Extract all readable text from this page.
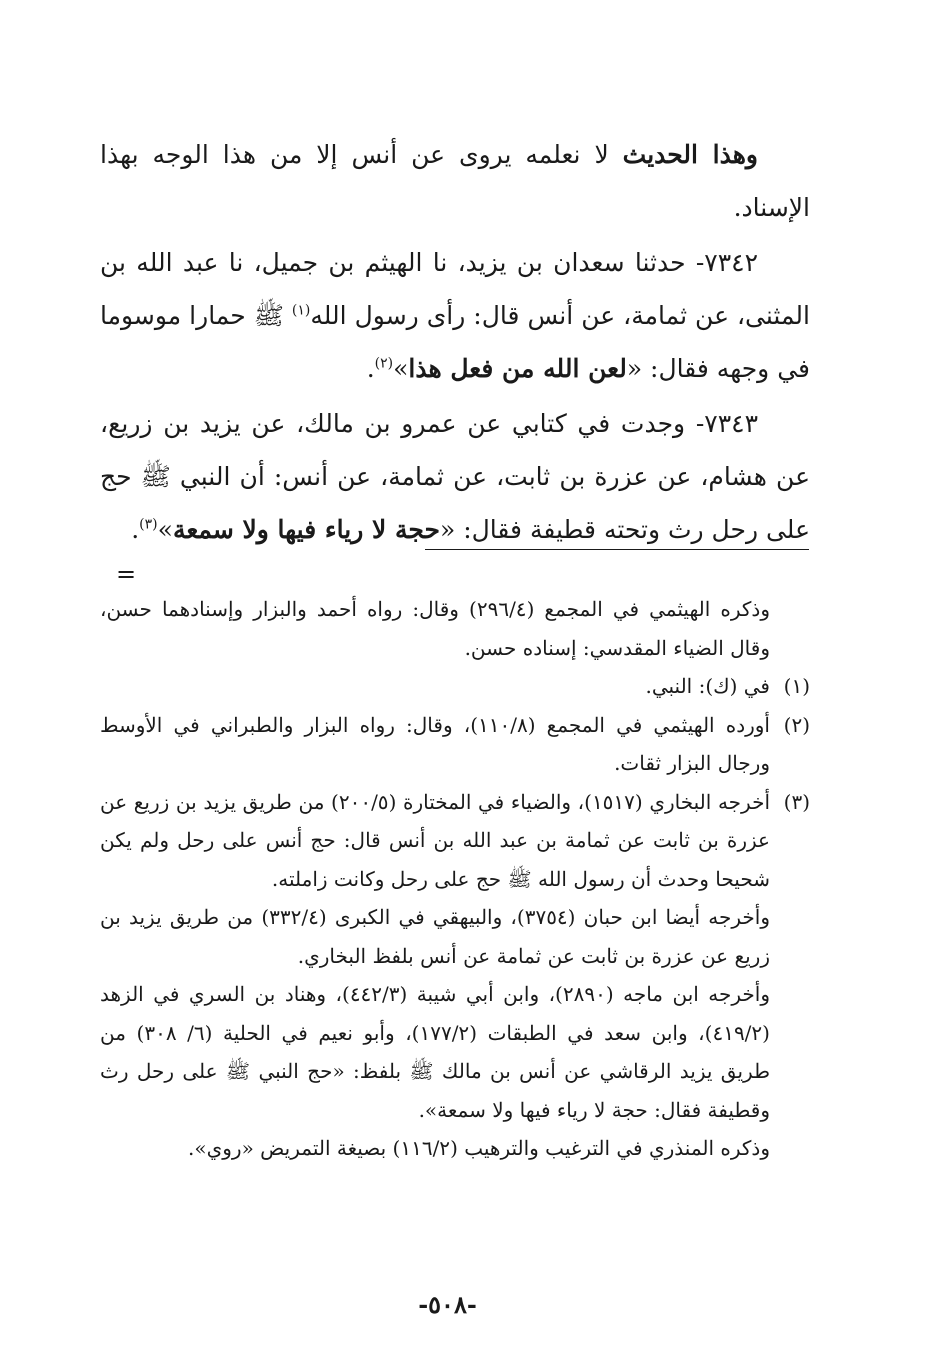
وهذا الحديث لا نعلمه يروى عن أنس إلا من هذا الوجه بهذا الإسناد.

٧٣٤٢- حدثنا سعدان بن يزيد، نا الهيثم بن جميل، نا عبد الله بن المثنى، عن ثمامة، عن أنس قال: رأى رسول الله$^{(١)}$ ﷺ حمارا موسوما في وجهه فقال: «لعن الله من فعل هذا»$^{(٢)}$.

٧٣٤٣- وجدت في كتابي عن عمرو بن مالك، عن يزيد بن زريع، عن هشام، عن عزرة بن ثابت، عن ثمامة، عن أنس: أن النبي ﷺ حج على رحل رث وتحته قطيفة فقال: «حجة لا رياء فيها ولا سمعة»$^{(٣)}$.

=

وذكره الهيثمي في المجمع (٢٩٦/٤) وقال: رواه أحمد والبزار وإسنادهما حسن، وقال الضياء المقدسي: إسناده حسن.

(١)
في (ك): النبي.
(٢)
أورده الهيثمي في المجمع (١١٠/٨)، وقال: رواه البزار والطبراني في الأوسط ورجال البزار ثقات.
(٣)
أخرجه البخاري (١٥١٧)، والضياء في المختارة (٢٠٠/٥) من طريق يزيد بن زريع عن عزرة بن ثابت عن ثمامة بن عبد الله بن أنس قال: حج أنس على رحل ولم يكن شحيحا وحدث أن رسول الله ﷺ حج على رحل وكانت زاملته.

وأخرجه أيضا ابن حبان (٣٧٥٤)، والبيهقي في الكبرى (٣٣٢/٤) من طريق يزيد بن زريع عن عزرة بن ثابت عن ثمامة عن أنس بلفظ البخاري.

وأخرجه ابن ماجه (٢٨٩٠)، وابن أبي شيبة (٤٤٢/٣)، وهناد بن السري في الزهد (٤١٩/٢)، وابن سعد في الطبقات (١٧٧/٢)، وأبو نعيم في الحلية (٦/ ٣٠٨) من طريق يزيد الرقاشي عن أنس بن مالك ﷺ بلفظ: «حج النبي ﷺ على رحل رث وقطيفة فقال: حجة لا رياء فيها ولا سمعة».

وذكره المنذري في الترغيب والترهيب (١١٦/٢) بصيغة التمريض «روي».

-٥٠٨-
